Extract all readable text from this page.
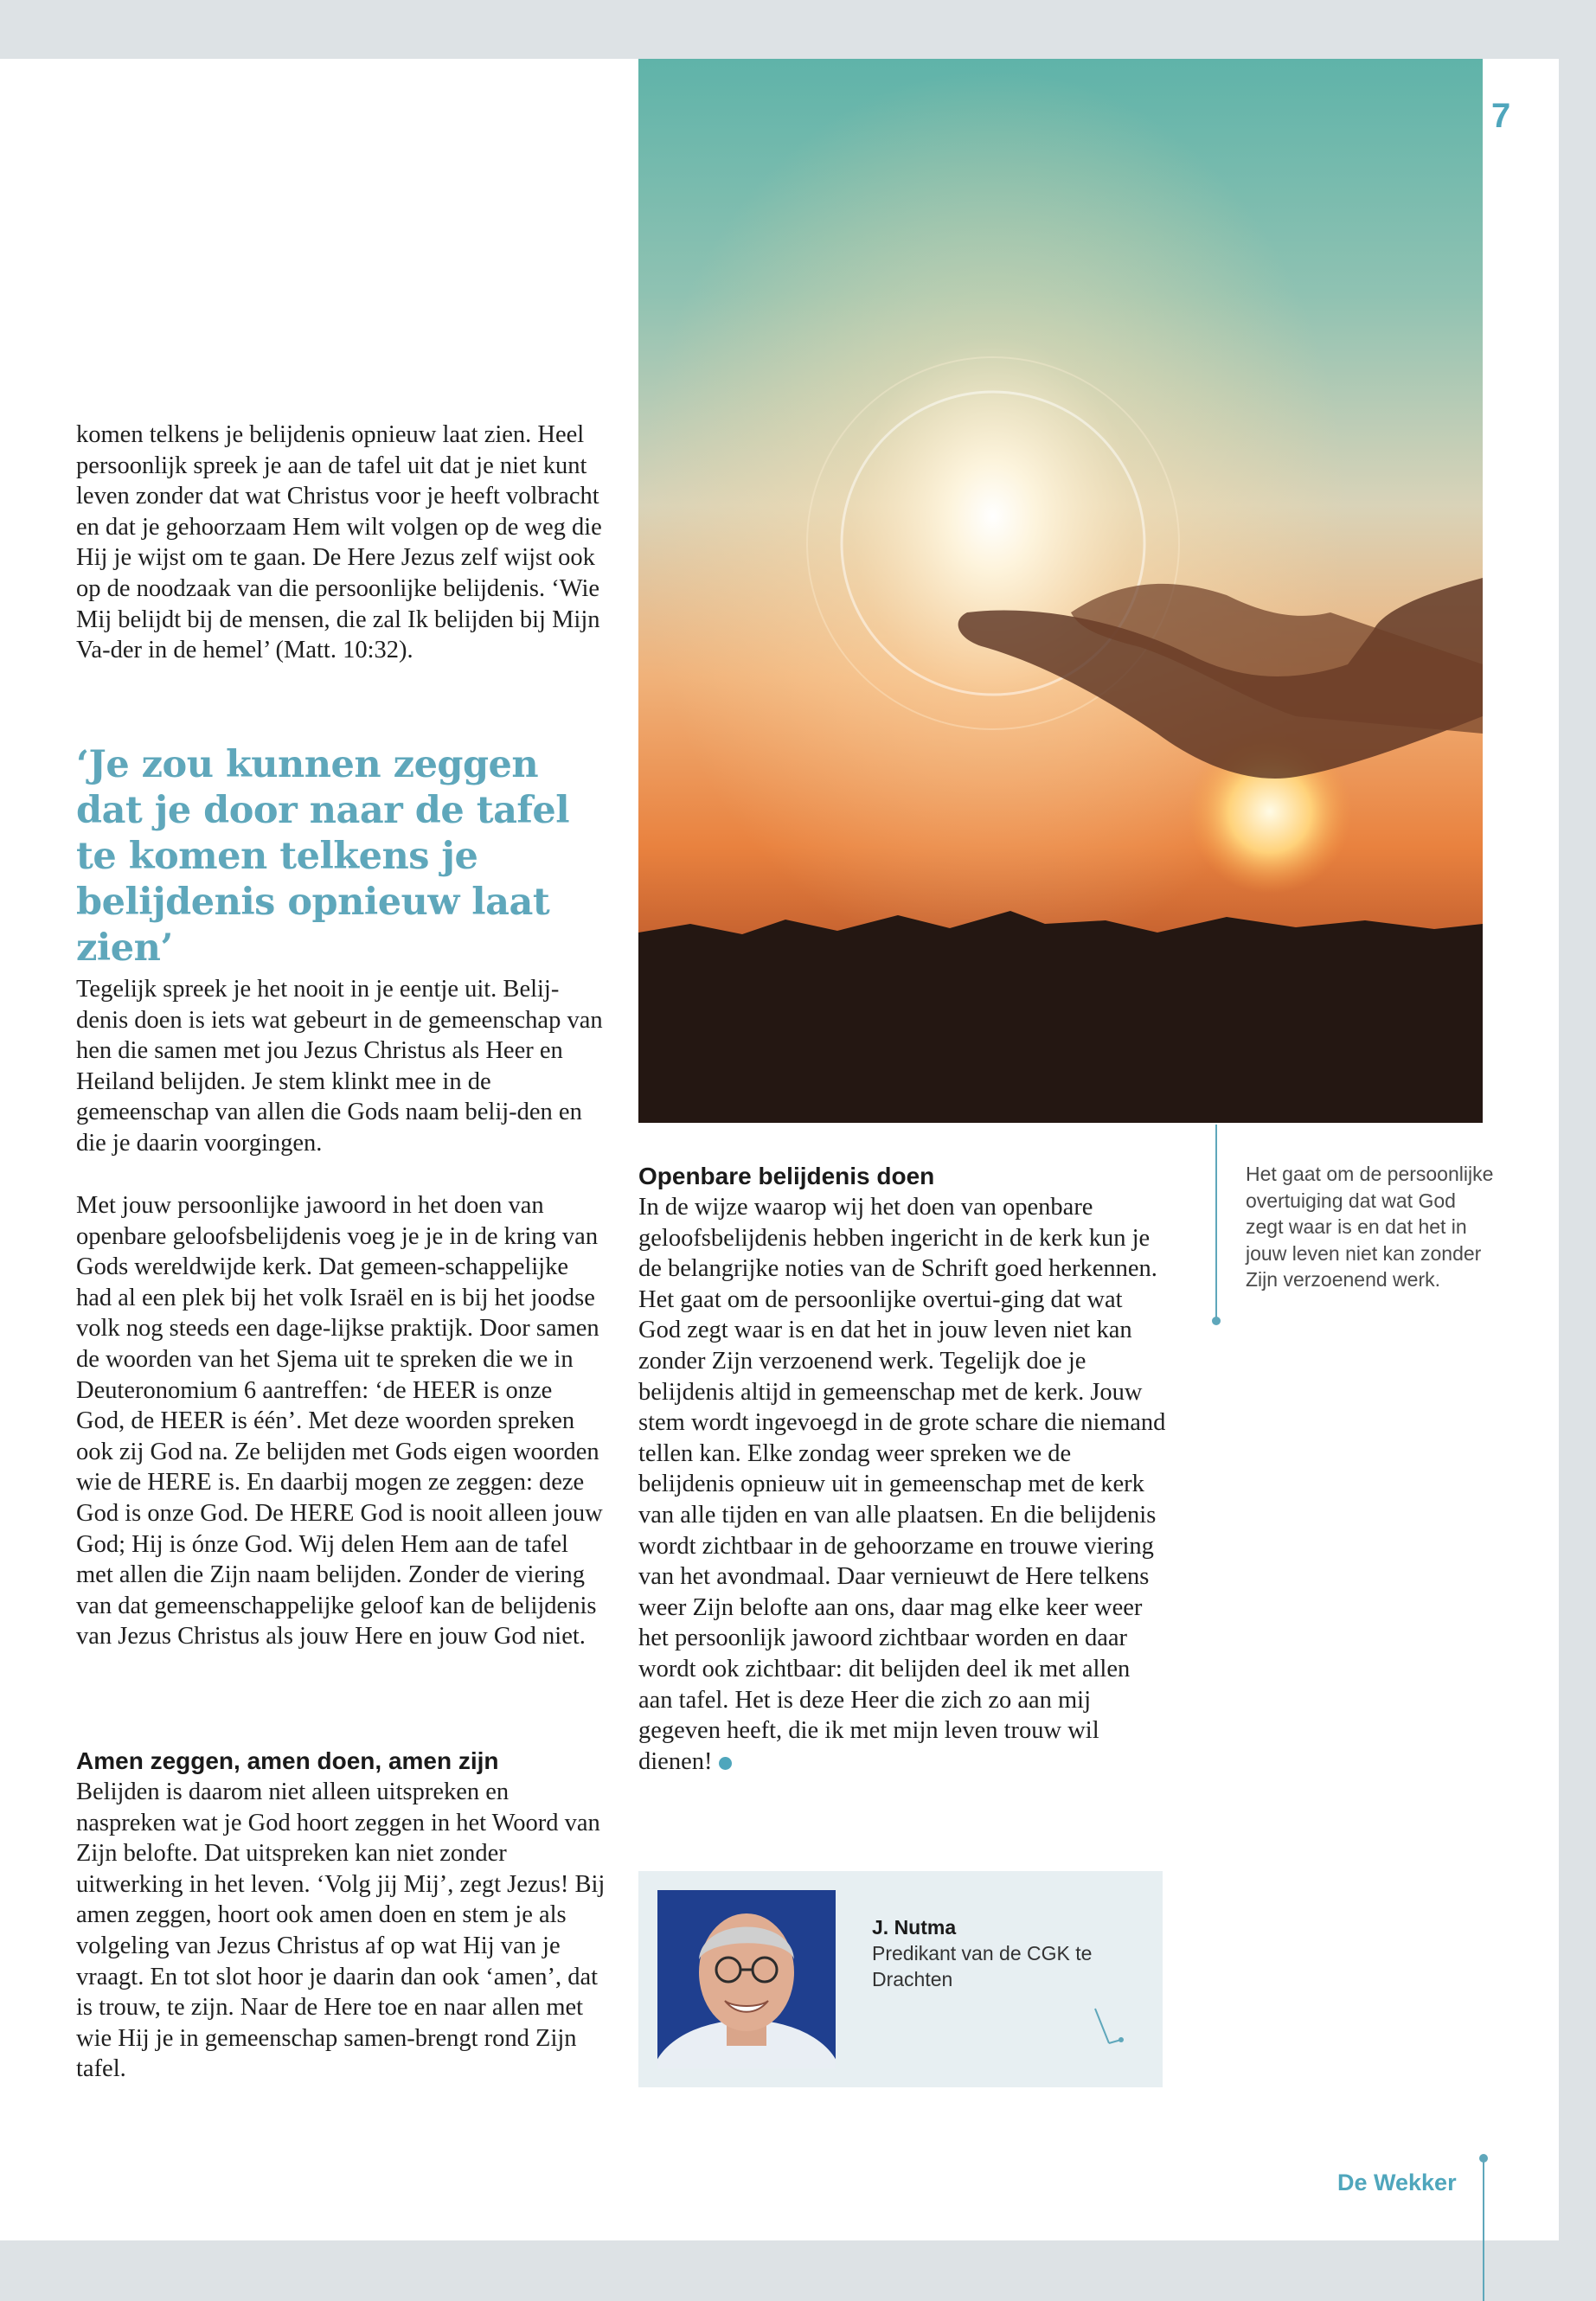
7

komen telkens je belijdenis opnieuw laat zien. Heel persoonlijk spreek je aan de tafel uit dat je niet kunt leven zonder dat wat Christus voor je heeft volbracht en dat je gehoorzaam Hem wilt volgen op de weg die Hij je wijst om te gaan. De Here Jezus zelf wijst ook op de noodzaak van die persoonlijke belijdenis. ‘Wie Mij belijdt bij de mensen, die zal Ik belijden bij Mijn Va-der in de hemel’ (Matt. 10:32).

‘Je zou kunnen zeggen dat je door naar de tafel te komen telkens je belijdenis opnieuw laat zien’

Tegelijk spreek je het nooit in je eentje uit. Belij-denis doen is iets wat gebeurt in de gemeenschap van hen die samen met jou Jezus Christus als Heer en Heiland belijden. Je stem klinkt mee in de gemeenschap van allen die Gods naam belij-den en die je daarin voorgingen.

Met jouw persoonlijke jawoord in het doen van openbare geloofsbelijdenis voeg je je in de kring van Gods wereldwijde kerk. Dat gemeen-schappelijke had al een plek bij het volk Israël en is bij het joodse volk nog steeds een dage-lijkse praktijk. Door samen de woorden van het Sjema uit te spreken die we in Deuteronomium 6 aantreffen: ‘de HEER is onze God, de HEER is één’. Met deze woorden spreken ook zij God na. Ze belijden met Gods eigen woorden wie de HERE is. En daarbij mogen ze zeggen: deze God is onze God. De HERE God is nooit alleen jouw God; Hij is ónze God. Wij delen Hem aan de tafel met allen die Zijn naam belijden. Zonder de viering van dat gemeenschappelijke geloof kan de belijdenis van Jezus Christus als jouw Here en jouw God niet.

Amen zeggen, amen doen, amen zijn

Belijden is daarom niet alleen uitspreken en naspreken wat je God hoort zeggen in het Woord van Zijn belofte. Dat uitspreken kan niet zonder uitwerking in het leven. ‘Volg jij Mij’, zegt Jezus! Bij amen zeggen, hoort ook amen doen en stem je als volgeling van Jezus Christus af op wat Hij van je vraagt. En tot slot hoor je daarin dan ook ‘amen’, dat is trouw, te zijn. Naar de Here toe en naar allen met wie Hij je in gemeenschap samen-brengt rond Zijn tafel.

Openbare belijdenis doen

In de wijze waarop wij het doen van openbare geloofsbelijdenis hebben ingericht in de kerk kun je de belangrijke noties van de Schrift goed herkennen. Het gaat om de persoonlijke overtui-ging dat wat God zegt waar is en dat het in jouw leven niet kan zonder Zijn verzoenend werk. Tegelijk doe je belijdenis altijd in gemeenschap met de kerk. Jouw stem wordt ingevoegd in de grote schare die niemand tellen kan. Elke zondag weer spreken we de belijdenis opnieuw uit in gemeenschap met de kerk van alle tijden en van alle plaatsen. En die belijdenis wordt zichtbaar in de gehoorzame en trouwe viering van het avondmaal. Daar vernieuwt de Here telkens weer Zijn belofte aan ons, daar mag elke keer weer het persoonlijk jawoord zichtbaar worden en daar wordt ook zichtbaar: dit belijden deel ik met allen aan tafel. Het is deze Heer die zich zo aan mij gegeven heeft, die ik met mijn leven trouw wil dienen!

Het gaat om de persoonlijke overtuiging dat wat God zegt waar is en dat het in jouw leven niet kan zonder Zijn verzoenend werk.

J. Nutma

Predikant van de CGK te Drachten

De Wekker
